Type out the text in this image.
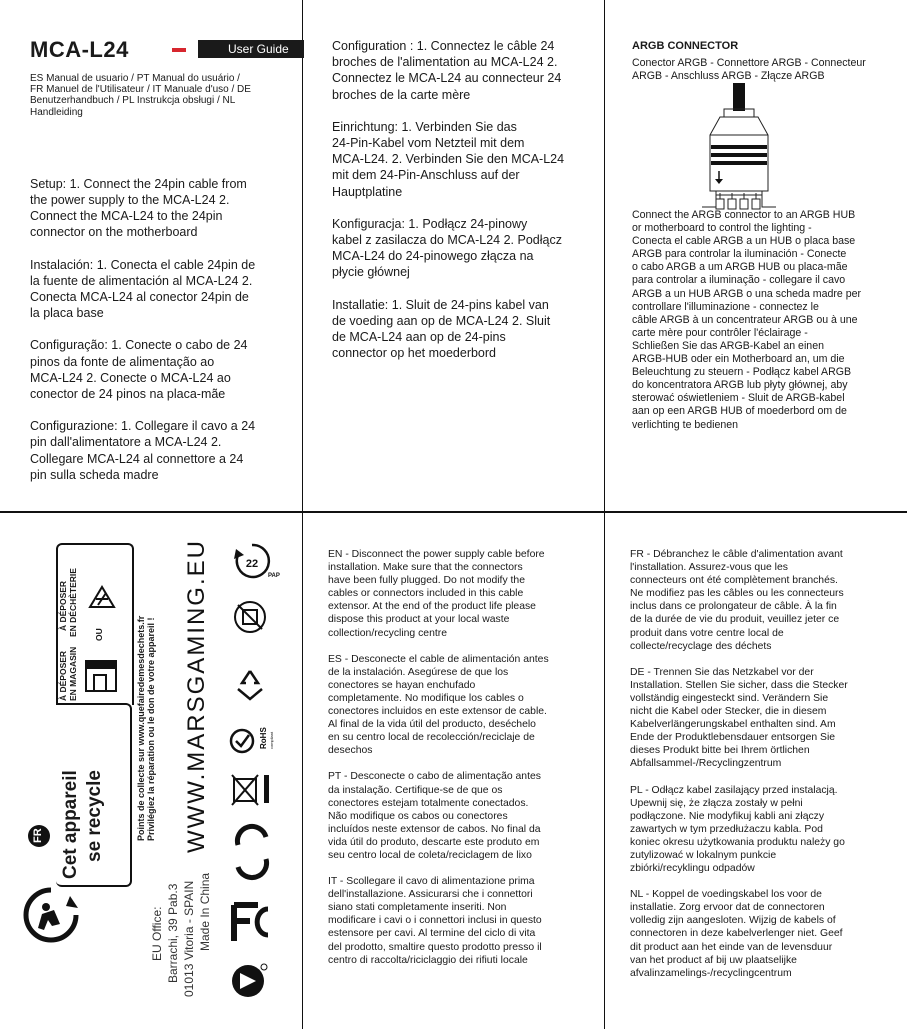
MCA-L24	User Guide

ES Manual de usuario / PT Manual do usuário /
FR Manuel de l'Utilisateur / IT Manuale d'uso / DE
Benutzerhandbuch / PL Instrukcja obsługi / NL
Handleiding

Setup: 1. Connect the 24pin cable from
the power supply to the MCA-L24 2.
Connect the MCA-L24 to the 24pin
connector on the motherboard

Instalación: 1. Conecta el cable 24pin de
la fuente de alimentación al MCA-L24 2.
Conecta MCA-L24 al conector 24pin de
la placa base

Configuração: 1. Conecte o cabo de 24
pinos da fonte de alimentação ao
MCA-L24 2. Conecte o MCA-L24 ao
conector de 24 pinos na placa-mãe

Configurazione: 1. Collegare il cavo a 24
pin dall'alimentatore a MCA-L24 2.
Collegare MCA-L24 al connettore a 24
pin sulla scheda madre

Configuration : 1. Connectez le câble 24
broches de l'alimentation au MCA-L24 2.
Connectez le MCA-L24 au connecteur 24
broches de la carte mère

Einrichtung: 1. Verbinden Sie das
24-Pin-Kabel vom Netzteil mit dem
MCA-L24. 2. Verbinden Sie den MCA-L24
mit dem 24-Pin-Anschluss auf der
Hauptplatine

Konfiguracja: 1. Podłącz 24-pinowy
kabel z zasilacza do MCA-L24 2. Podłącz
MCA-L24 do 24-pinowego złącza na
płycie głównej

Installatie: 1. Sluit de 24-pins kabel van
de voeding aan op de MCA-L24 2. Sluit
de MCA-L24 aan op de 24-pins
connector op het moederbord

ARGB CONNECTOR

Conector ARGB - Connettore ARGB - Connecteur
ARGB - Anschluss ARGB - Złącze ARGB

Connect the ARGB connector to an ARGB HUB
or motherboard to control the lighting -
Conecta el cable ARGB a un HUB o placa base
ARGB para controlar la iluminación - Conecte
o cabo ARGB a um ARGB HUB ou placa-mãe
para controlar a iluminação - collegare il cavo
ARGB a un HUB ARGB o una scheda madre per
controllare l'illuminazione - connectez le
câble ARGB à un concentrateur ARGB ou à une
carte mère pour contrôler l'éclairage -
Schließen Sie das ARGB-Kabel an einen
ARGB-HUB oder ein Motherboard an, um die
Beleuchtung zu steuern - Podłącz kabel ARGB
do koncentratora ARGB lub płyty głównej, aby
sterować oświetleniem - Sluit de ARGB-kabel
aan op een ARGB HUB of moederbord om de
verlichting te bedienen

FR Cet appareil se recycle	Points de collecte sur www.quefairedemesdechets.fr Privilégiez la réparation ou le don de votre appareil !
À DÉPOSER EN MAGASIN
OU
À DÉPOSER EN DÉCHÈTERIE
EU Office: Barrachi, 39 Pab.3 01013 Vitoria - SPAIN Made In China
WWW.MARSGAMING.EU	22
PAP
RoHS compliant

EN - Disconnect the power supply cable before
installation. Make sure that the connectors
have been fully plugged. Do not modify the
cables or connectors included in this cable
extensor. At the end of the product life please
dispose this product at your local waste
collection/recycling centre

ES - Desconecte el cable de alimentación antes
de la instalación. Asegúrese de que los
conectores se hayan enchufado
completamente. No modifique los cables o
conectores incluidos en este extensor de cable.
Al final de la vida útil del producto, deséchelo
en su centro local de recolección/reciclaje de
desechos

PT - Desconecte o cabo de alimentação antes
da instalação. Certifique-se de que os
conectores estejam totalmente conectados.
Não modifique os cabos ou conectores
incluídos neste extensor de cabos. No final da
vida útil do produto, descarte este produto em
seu centro local de coleta/reciclagem de lixo

IT - Scollegare il cavo di alimentazione prima
dell'installazione. Assicurarsi che i connettori
siano stati completamente inseriti. Non
modificare i cavi o i connettori inclusi in questo
estensore per cavi. Al termine del ciclo di vita
del prodotto, smaltire questo prodotto presso il
centro di raccolta/riciclaggio dei rifiuti locale

FR - Débranchez le câble d'alimentation avant
l'installation. Assurez-vous que les
connecteurs ont été complètement branchés.
Ne modifiez pas les câbles ou les connecteurs
inclus dans ce prolongateur de câble. À la fin
de la durée de vie du produit, veuillez jeter ce
produit dans votre centre local de
collecte/recyclage des déchets

DE - Trennen Sie das Netzkabel vor der
Installation. Stellen Sie sicher, dass die Stecker
vollständig eingesteckt sind. Verändern Sie
nicht die Kabel oder Stecker, die in diesem
Kabelverlängerungskabel enthalten sind. Am
Ende der Produktlebensdauer entsorgen Sie
dieses Produkt bitte bei Ihrem örtlichen
Abfallsammel-/Recyclingzentrum

PL - Odłącz kabel zasilający przed instalacją.
Upewnij się, że złącza zostały w pełni
podłączone. Nie modyfikuj kabli ani złączy
zawartych w tym przedłużaczu kabla. Pod
koniec okresu użytkowania produktu należy go
zutylizować w lokalnym punkcie
zbiórki/recyklingu odpadów

NL - Koppel de voedingskabel los voor de
installatie. Zorg ervoor dat de connectoren
volledig zijn aangesloten. Wijzig de kabels of
connectoren in deze kabelverlenger niet. Geef
dit product aan het einde van de levensduur
van het product af bij uw plaatselijke
afvalinzamelings-/recyclingcentrum
